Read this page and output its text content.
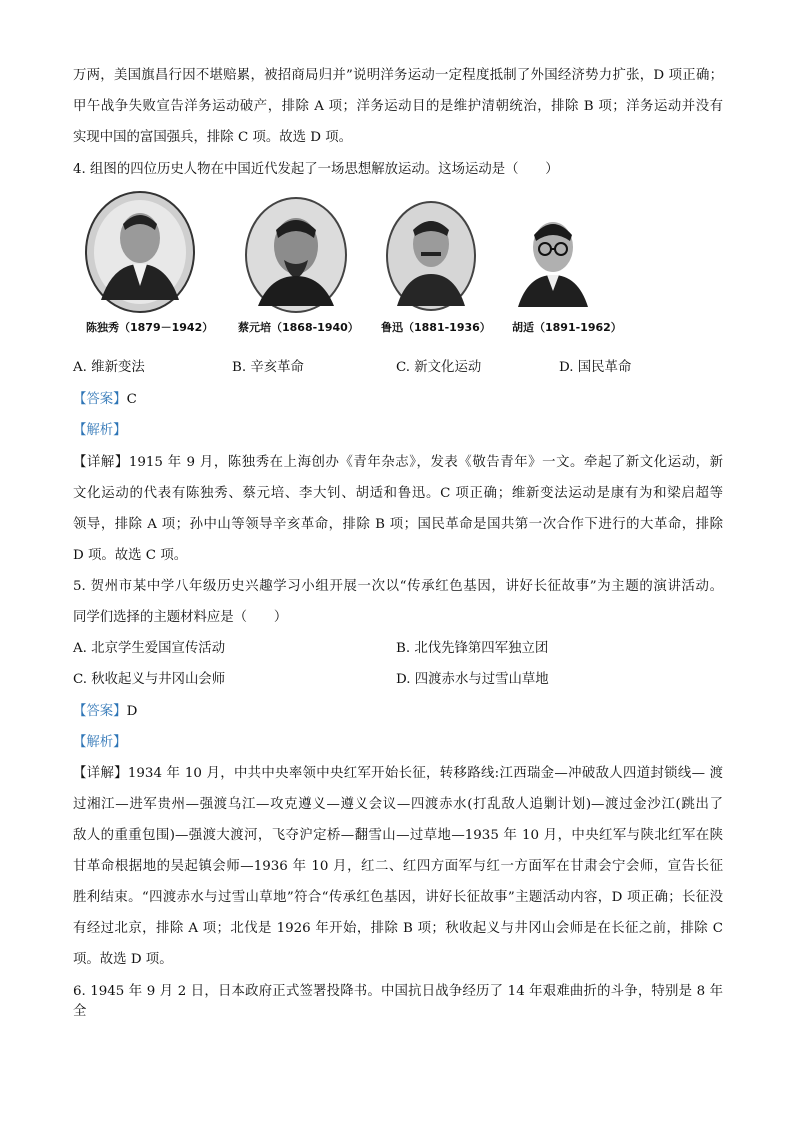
万两，美国旗昌行因不堪赔累，被招商局归并”说明洋务运动一定程度抵制了外国经济势力扩张，D 项正确；
甲午战争失败宣告洋务运动破产，排除 A 项；洋务运动目的是维护清朝统治，排除 B 项；洋务运动并没有
实现中国的富国强兵，排除 C 项。故选 D 项。
4. 组图的四位历史人物在中国近代发起了一场思想解放运动。这场运动是（　　）
陈独秀（1879－1942） 蔡元培（1868-1940） 鲁迅（1881-1936） 胡适（1891-1962）
A. 维新变法	B. 辛亥革命	C. 新文化运动	D. 国民革命
【答案】C
【解析】
【详解】1915 年 9 月，陈独秀在上海创办《青年杂志》，发表《敬告青年》一文。牵起了新文化运动，新
文化运动的代表有陈独秀、蔡元培、李大钊、胡适和鲁迅。C 项正确；维新变法运动是康有为和梁启超等
领导，排除 A 项；孙中山等领导辛亥革命，排除 B 项；国民革命是国共第一次合作下进行的大革命，排除
D 项。故选 C 项。
5. 贺州市某中学八年级历史兴趣学习小组开展一次以“传承红色基因，讲好长征故事”为主题的演讲活动。
同学们选择的主题材料应是（　　）
A. 北京学生爱国宣传活动	B. 北伐先锋第四军独立团
C. 秋收起义与井冈山会师	D. 四渡赤水与过雪山草地
【答案】D
【解析】
【详解】1934 年 10 月，中共中央率领中央红军开始长征，转移路线:江西瑞金—冲破敌人四道封锁线— 渡
过湘江—进军贵州—强渡乌江—攻克遵义—遵义会议—四渡赤水(打乱敌人追剿计划)—渡过金沙江(跳出了
敌人的重重包围)—强渡大渡河，飞夺沪定桥—翻雪山—过草地—1935 年 10 月，中央红军与陕北红军在陕
甘革命根据地的吴起镇会师—1936 年 10 月，红二、红四方面军与红一方面军在甘肃会宁会师，宣告长征
胜利结束。“四渡赤水与过雪山草地”符合“传承红色基因，讲好长征故事”主题活动内容，D 项正确；长征没
有经过北京，排除 A 项；北伐是 1926 年开始，排除 B 项；秋收起义与井冈山会师是在长征之前，排除 C
项。故选 D 项。
6. 1945 年 9 月 2 日，日本政府正式签署投降书。中国抗日战争经历了 14 年艰难曲折的斗争，特别是 8 年全
